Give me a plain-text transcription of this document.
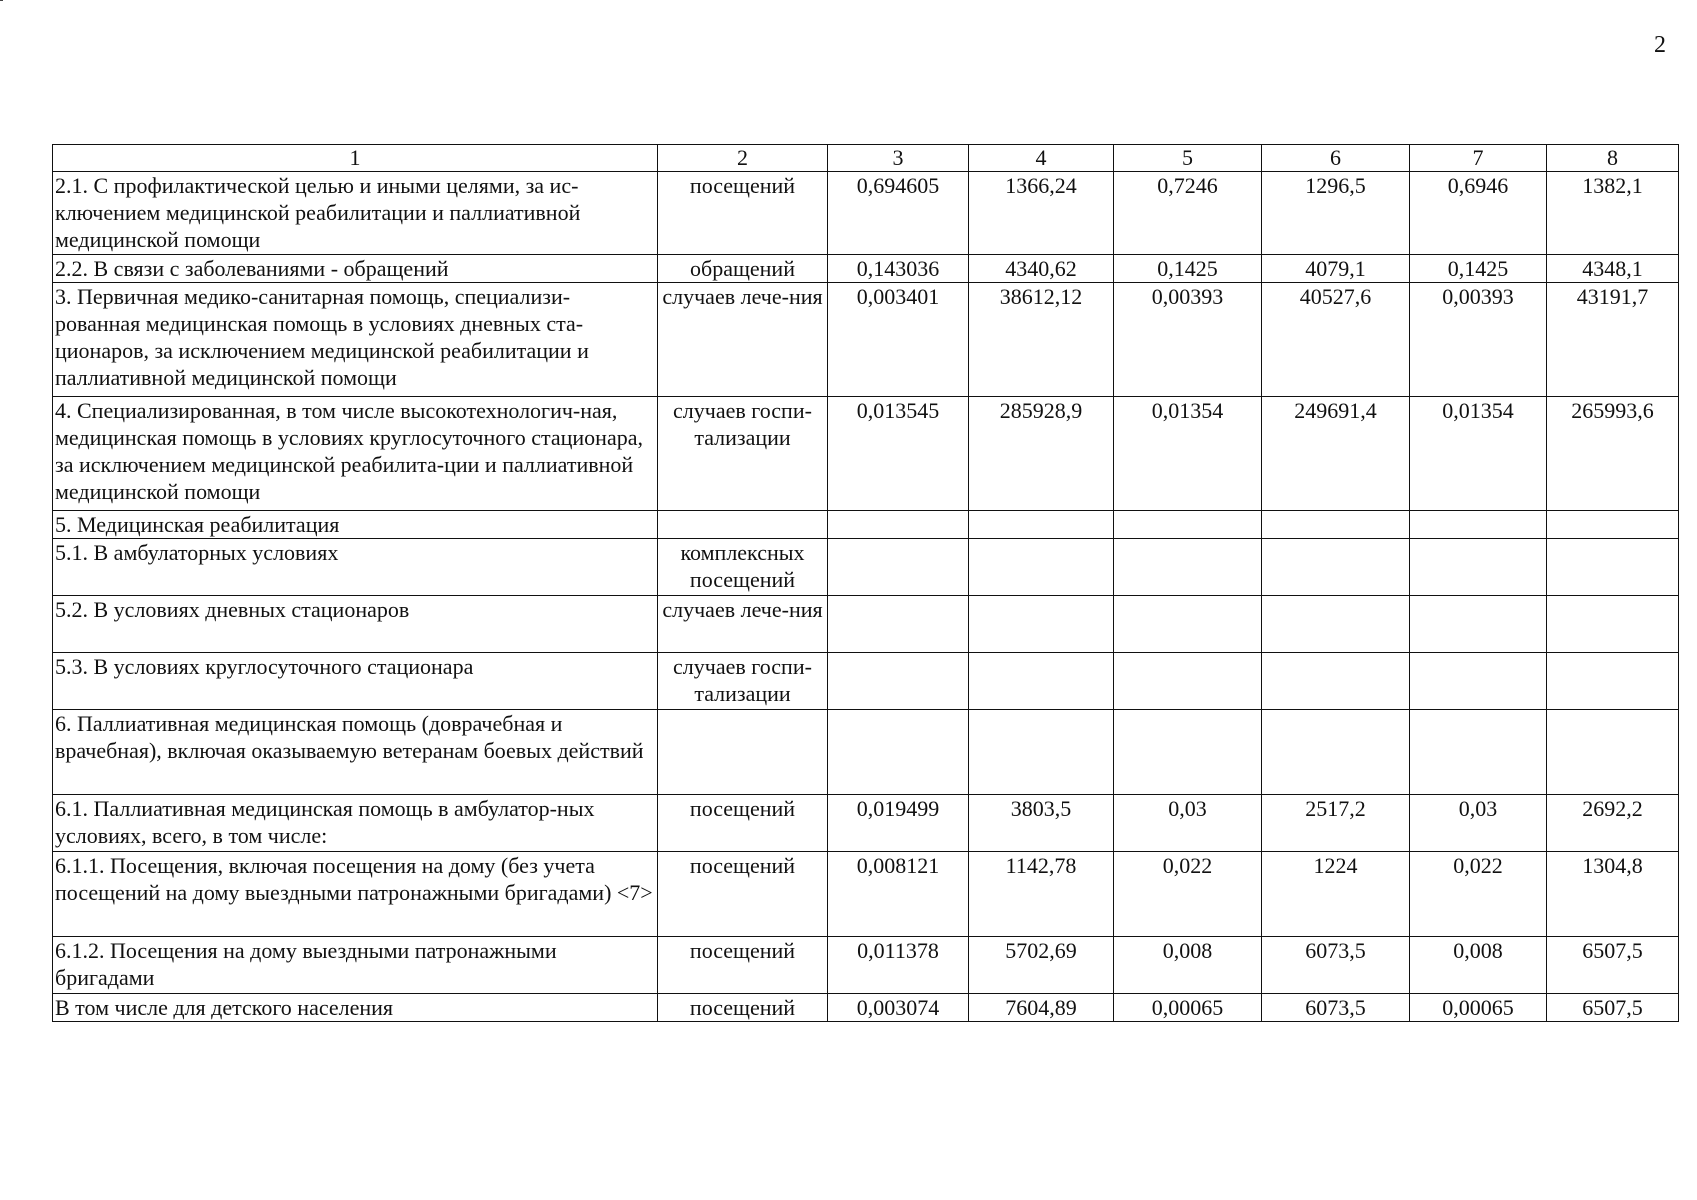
2
1	2	3	4	5	6	7	8
2.1. С профилактической целью и иными целями, за ис-ключением медицинской реабилитации и паллиативной медицинской помощи	посещений	0,694605	1366,24	0,7246	1296,5	0,6946	1382,1
2.2. В связи с заболеваниями - обращений	обращений	0,143036	4340,62	0,1425	4079,1	0,1425	4348,1
3. Первичная медико-санитарная помощь, специализи-рованная медицинская помощь в условиях дневных ста-ционаров, за исключением медицинской реабилитации и паллиативной медицинской помощи	случаев лече-ния	0,003401	38612,12	0,00393	40527,6	0,00393	43191,7
4. Специализированная, в том числе высокотехнологич-ная, медицинская помощь в условиях круглосуточного стационара, за исключением медицинской реабилита-ции и паллиативной медицинской помощи	случаев госпи-тализации	0,013545	285928,9	0,01354	249691,4	0,01354	265993,6
5. Медицинская реабилитация							
5.1. В амбулаторных условиях	комплексных посещений						
5.2. В условиях дневных стационаров	случаев лече-ния						
5.3. В условиях круглосуточного стационара	случаев госпи-тализации						
6. Паллиативная медицинская помощь (доврачебная и врачебная), включая оказываемую ветеранам боевых действий							
6.1. Паллиативная медицинская помощь в амбулатор-ных условиях, всего, в том числе:	посещений	0,019499	3803,5	0,03	2517,2	0,03	2692,2
6.1.1. Посещения, включая посещения на дому (без учета посещений на дому выездными патронажными бригадами) <7>	посещений	0,008121	1142,78	0,022	1224	0,022	1304,8
6.1.2. Посещения на дому выездными патронажными бригадами	посещений	0,011378	5702,69	0,008	6073,5	0,008	6507,5
В том числе для детского населения	посещений	0,003074	7604,89	0,00065	6073,5	0,00065	6507,5
